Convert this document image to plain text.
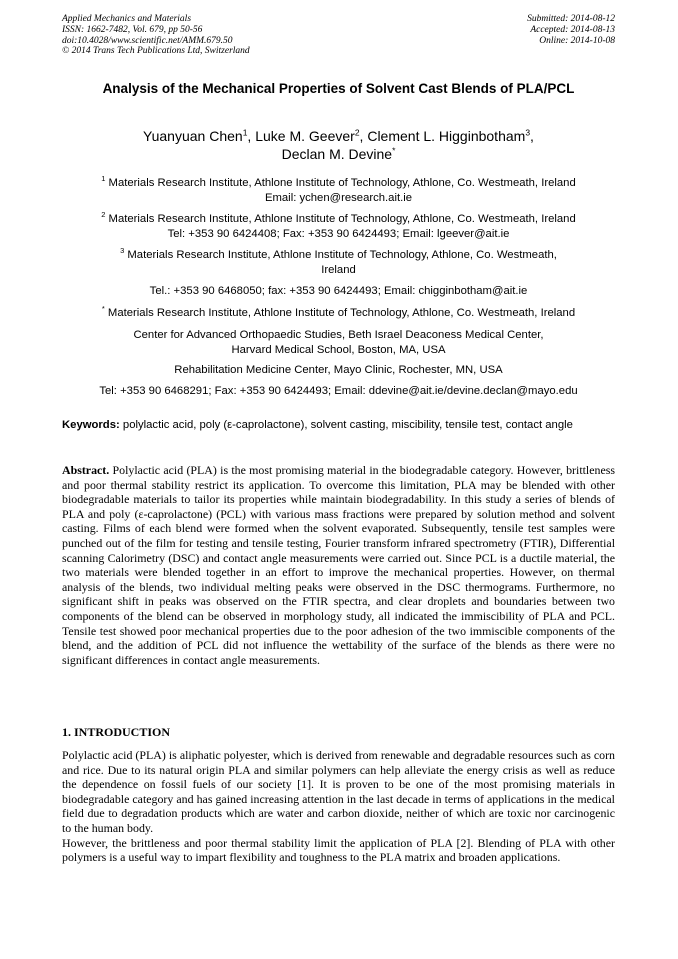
Applied Mechanics and Materials
ISSN: 1662-7482, Vol. 679, pp 50-56
doi:10.4028/www.scientific.net/AMM.679.50
© 2014 Trans Tech Publications Ltd, Switzerland
Submitted: 2014-08-12
Accepted: 2014-08-13
Online: 2014-10-08
Analysis of the Mechanical Properties of Solvent Cast Blends of PLA/PCL
Yuanyuan Chen$^1$, Luke M. Geever$^2$, Clement L. Higginbotham$^3$,
Declan M. Devine*
$^1$ Materials Research Institute, Athlone Institute of Technology, Athlone, Co. Westmeath, Ireland
Email: ychen@research.ait.ie
$^2$ Materials Research Institute, Athlone Institute of Technology, Athlone, Co. Westmeath, Ireland
Tel: +353 90 6424408; Fax: +353 90 6424493; Email: lgeever@ait.ie
$^3$ Materials Research Institute, Athlone Institute of Technology, Athlone, Co. Westmeath,
Ireland
Tel.: +353 90 6468050; fax: +353 90 6424493; Email: chigginbotham@ait.ie
* Materials Research Institute, Athlone Institute of Technology, Athlone, Co. Westmeath, Ireland
Center for Advanced Orthopaedic Studies, Beth Israel Deaconess Medical Center,
Harvard Medical School, Boston, MA, USA
Rehabilitation Medicine Center, Mayo Clinic, Rochester, MN, USA
Tel: +353 90 6468291; Fax: +353 90 6424493; Email: ddevine@ait.ie/devine.declan@mayo.edu
Keywords: polylactic acid, poly (ε-caprolactone), solvent casting, miscibility, tensile test, contact angle
Abstract. Polylactic acid (PLA) is the most promising material in the biodegradable category. However, brittleness and poor thermal stability restrict its application. To overcome this limitation, PLA may be blended with other biodegradable materials to tailor its properties while maintain biodegradability. In this study a series of blends of PLA and poly (ε-caprolactone) (PCL) with various mass fractions were prepared by solution method and solvent casting. Films of each blend were formed when the solvent evaporated. Subsequently, tensile test samples were punched out of the film for testing and tensile testing, Fourier transform infrared spectrometry (FTIR), Differential scanning Calorimetry (DSC) and contact angle measurements were carried out. Since PCL is a ductile material, the two materials were blended together in an effort to improve the mechanical properties. However, on thermal analysis of the blends, two individual melting peaks were observed in the DSC thermograms. Furthermore, no significant shift in peaks was observed on the FTIR spectra, and clear droplets and boundaries between two components of the blend can be observed in morphology study, all indicated the immiscibility of PLA and PCL. Tensile test showed poor mechanical properties due to the poor adhesion of the two immiscible components of the blend, and the addition of PCL did not influence the wettability of the surface of the blends as there were no significant differences in contact angle measurements.
1. INTRODUCTION

Polylactic acid (PLA) is aliphatic polyester, which is derived from renewable and degradable resources such as corn and rice. Due to its natural origin PLA and similar polymers can help alleviate the energy crisis as well as reduce the dependence on fossil fuels of our society [1]. It is proven to be one of the most promising materials in biodegradable category and has gained increasing attention in the last decade in terms of applications in the medical field due to degradation products which are water and carbon dioxide, neither of which are toxic nor carcinogenic to the human body.

However, the brittleness and poor thermal stability limit the application of PLA [2]. Blending of PLA with other polymers is a useful way to impart flexibility and toughness to the PLA matrix and broaden applications.
